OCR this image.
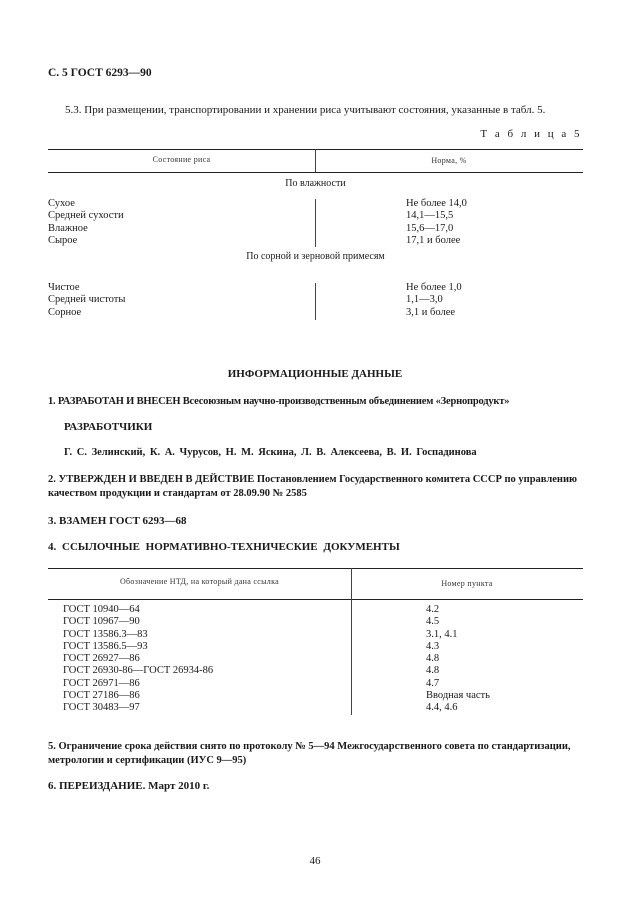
С. 5 ГОСТ 6293—90
5.3. При размещении, транспортировании и хранении риса учитывают состояния, указанные в табл. 5.
Т а б л и ц а 5
Состояние риса	Норма, %
По влажности
Сухое
Средней сухости
Влажное
Сырое
Не более 14,0
14,1—15,5
15,6—17,0
17,1 и более
По сорной и зерновой примесям
Чистое
Средней чистоты
Сорное
Не более 1,0
1,1—3,0
3,1 и более
ИНФОРМАЦИОННЫЕ ДАННЫЕ
1. РАЗРАБОТАН И ВНЕСЕН Всесоюзным научно-производственным объединением «Зернопродукт»
РАЗРАБОТЧИКИ
Г. С. Зелинский, К. А. Чурусов, Н. М. Яскина, Л. В. Алексеева, В. И. Госпадинова
2. УТВЕРЖДЕН И ВВЕДЕН В ДЕЙСТВИЕ Постановлением Государственного комитета СССР по управлению качеством продукции и стандартам от 28.09.90 № 2585
3. ВЗАМЕН ГОСТ 6293—68
4. ССЫЛОЧНЫЕ НОРМАТИВНО-ТЕХНИЧЕСКИЕ ДОКУМЕНТЫ
Обозначение НТД, на который дана ссылка	Номер пункта
ГОСТ 10940—64
ГОСТ 10967—90
ГОСТ 13586.3—83
ГОСТ 13586.5—93
ГОСТ 26927—86
ГОСТ 26930-86—ГОСТ 26934-86
ГОСТ 26971—86
ГОСТ 27186—86
ГОСТ 30483—97
4.2
4.5
3.1, 4.1
4.3
4.8
4.8
4.7
Вводная часть
4.4, 4.6
5. Ограничение срока действия снято по протоколу № 5—94 Межгосударственного совета по стандартизации, метрологии и сертификации (ИУС 9—95)
6. ПЕРЕИЗДАНИЕ. Март 2010 г.
46
